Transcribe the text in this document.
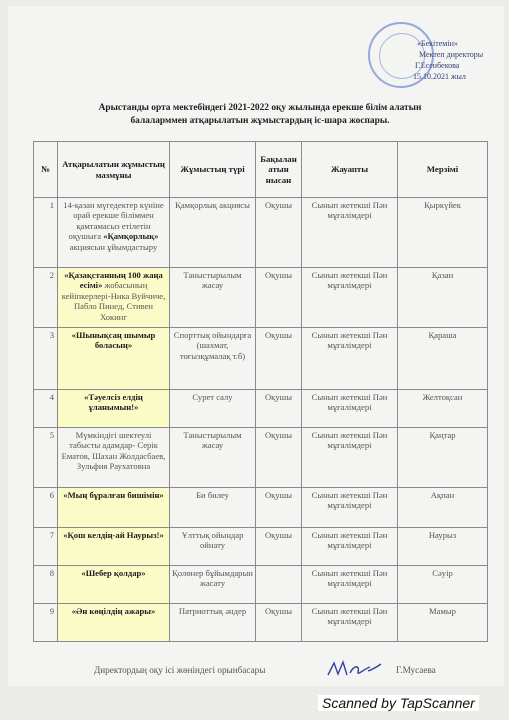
«Бекітемін»
Мектеп директоры
Г.Есенбекова
15.10.2021 жыл
Арыстанды орта мектебіндегі 2021-2022 оқу жылында ерекше білім алатын
балаларммен атқарылатын жұмыстардың іс-шара жоспары.
№	Атқарылатын жұмыстың мазмұны	Жұмыстың түрі	Бақылан атын нысан	Жауапты	Мерзімі
1	14-қазан мүгедектер күніне орай ерекше біліммен қамтамасыз етілетін оқушыға «Қамқорлық» акциясын ұйымдастыру	Қамқорлық акциясы	Оқушы	Сынып жетекші Пән мұғалімдері	Қыркүйек
2	«Қазақстанның 100 жаңа есімі» жобасының кейіпкерлері-Ника Вуйчиче, Пабло Пинед, Стивен Хокинг	Таныстырылым жасау	Оқушы	Сынып жетекші Пән мұғалімдері	Қазан
3	«Шынықсаң шымыр боласың»	Спорттық ойындарға (шахмат, тоғызқұмалақ т.б)	Оқушы	Сынып жетекші Пән мұғалімдері	Қараша
4	«Тәуелсіз елдің ұланымын!»	Сурет салу	Оқушы	Сынып жетекші Пән мұғалімдері	Желтоқсан
5	Мүмкіндігі шектеулі табысты адамдар- Серік Ематов, Шахан Жолдасбаев, Зульфия Раухатовна	Таныстырылым жасау	Оқушы	Сынып жетекші Пән мұғалімдері	Қаңтар
6	«Мың бұралған бишімін»	Би билеу	Оқушы	Сынып жетекші Пән мұғалімдері	Ақпан
7	«Қош келдің-ай Наурыз!»	Ұлттық ойындар ойнату	Оқушы	Сынып жетекші Пән мұғалімдері	Наурыз
8	«Шебер қолдар»	Қолөнер бұйымдарын жасату		Сынып жетекші Пән мұғалімдері	Сәуір
9	«Ән көңілдің ажары»	Патриоттық әндер	Оқушы	Сынып жетекші Пән мұғалімдері	Мамыр
Директордың оқу ісі жөніндегі орынбасары	Г.Мусаева
Scanned by TapScanner
